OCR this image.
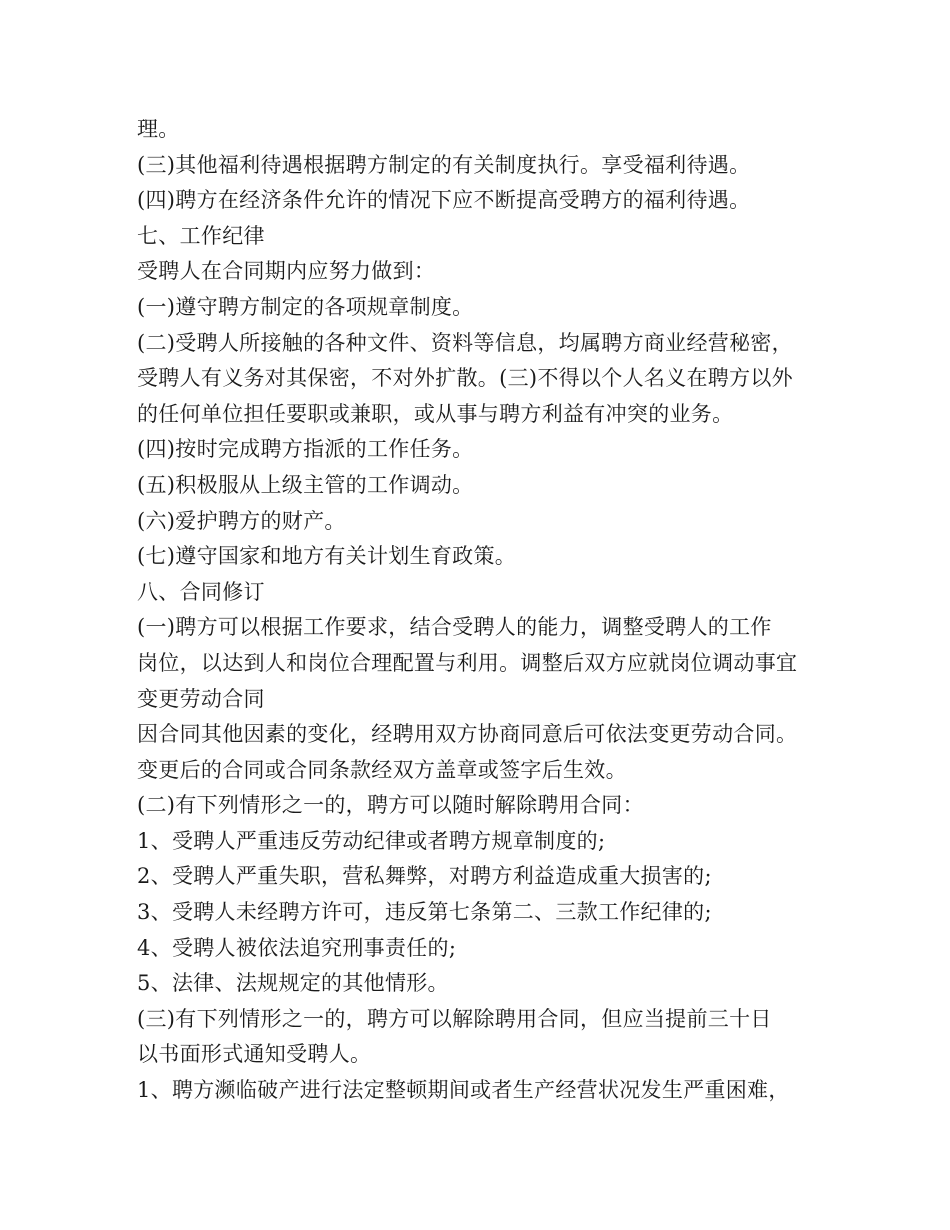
理。
(三)其他福利待遇根据聘方制定的有关制度执行。享受福利待遇。
(四)聘方在经济条件允许的情况下应不断提高受聘方的福利待遇。
七、工作纪律
受聘人在合同期内应努力做到：
(一)遵守聘方制定的各项规章制度。
(二)受聘人所接触的各种文件、资料等信息，均属聘方商业经营秘密，
受聘人有义务对其保密，不对外扩散。(三)不得以个人名义在聘方以外
的任何单位担任要职或兼职，或从事与聘方利益有冲突的业务。
(四)按时完成聘方指派的工作任务。
(五)积极服从上级主管的工作调动。
(六)爱护聘方的财产。
(七)遵守国家和地方有关计划生育政策。
八、合同修订
(一)聘方可以根据工作要求，结合受聘人的能力，调整受聘人的工作
岗位，以达到人和岗位合理配置与利用。调整后双方应就岗位调动事宜
变更劳动合同
因合同其他因素的变化，经聘用双方协商同意后可依法变更劳动合同。
变更后的合同或合同条款经双方盖章或签字后生效。
(二)有下列情形之一的，聘方可以随时解除聘用合同：
1、受聘人严重违反劳动纪律或者聘方规章制度的;
2、受聘人严重失职，营私舞弊，对聘方利益造成重大损害的;
3、受聘人未经聘方许可，违反第七条第二、三款工作纪律的;
4、受聘人被依法追究刑事责任的;
5、法律、法规规定的其他情形。
(三)有下列情形之一的，聘方可以解除聘用合同，但应当提前三十日
以书面形式通知受聘人。
1、聘方濒临破产进行法定整顿期间或者生产经营状况发生严重困难，
